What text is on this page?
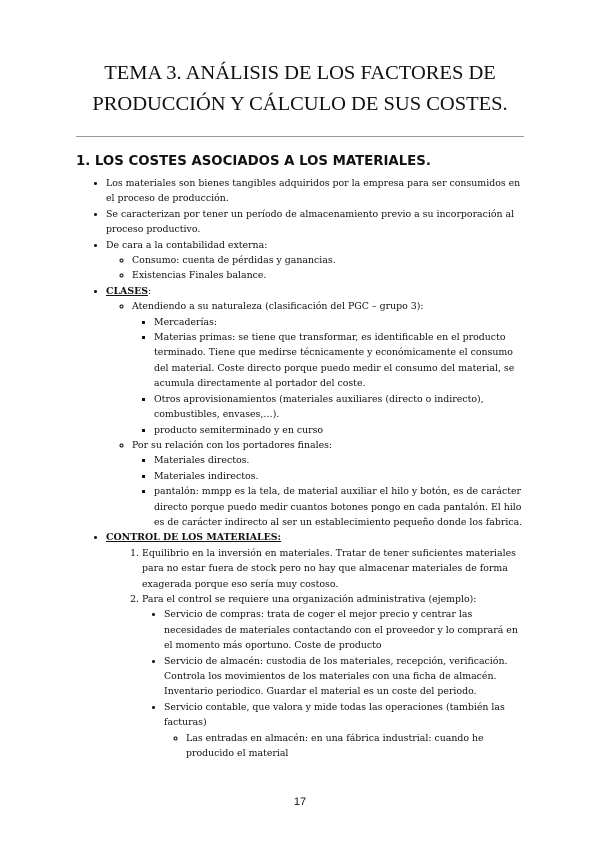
TEMA 3. ANÁLISIS DE LOS FACTORES DE
PRODUCCIÓN Y CÁLCULO DE SUS COSTES.
1. LOS COSTES ASOCIADOS A LOS MATERIALES.
• Los materiales son bienes tangibles adquiridos por la empresa para ser consumidos en el proceso de producción.
• Se caracterizan por tener un período de almacenamiento previo a su incorporación al proceso productivo.
• De cara a la contabilidad externa:
◦ Consumo: cuenta de pérdidas y ganancias.
◦ Existencias Finales balance.
• CLASES:
◦ Atendiendo a su naturaleza (clasificación del PGC – grupo 3):
▪ Mercaderías:
▪ Materias primas: se tiene que transformar, es identificable en el producto terminado. Tiene que medirse técnicamente y económicamente el consumo del material. Coste directo porque puedo medir el consumo del material, se acumula directamente al portador del coste.
▪ Otros aprovisionamientos (materiales auxiliares (directo o indirecto), combustibles, envases,…).
▪ producto semiterminado y en curso
◦ Por su relación con los portadores finales:
▪ Materiales directos.
▪ Materiales indirectos.
▪ pantalón: mmpp es la tela, de material auxiliar el hilo y botón, es de carácter directo porque puedo medir cuantos botones pongo en cada pantalón. El hilo es de carácter indirecto al ser un establecimiento pequeño donde los fabrica.
• CONTROL DE LOS MATERIALES:
1. Equilibrio en la inversión en materiales. Tratar de tener suficientes materiales para no estar fuera de stock pero no hay que almacenar materiales de forma exagerada porque eso sería muy costoso.
2. Para el control se requiere una organización administrativa (ejemplo):
• Servicio de compras: trata de coger el mejor precio y centrar las necesidades de materiales contactando con el proveedor y lo comprará en el momento más oportuno. Coste de producto
• Servicio de almacén: custodia de los materiales, recepción, verificación. Controla los movimientos de los materiales con una ficha de almacén. Inventario periodico. Guardar el material es un coste del periodo.
• Servicio contable, que valora y mide todas las operaciones (también las facturas)
◦ Las entradas en almacén: en una fábrica industrial: cuando he producido el material
17
